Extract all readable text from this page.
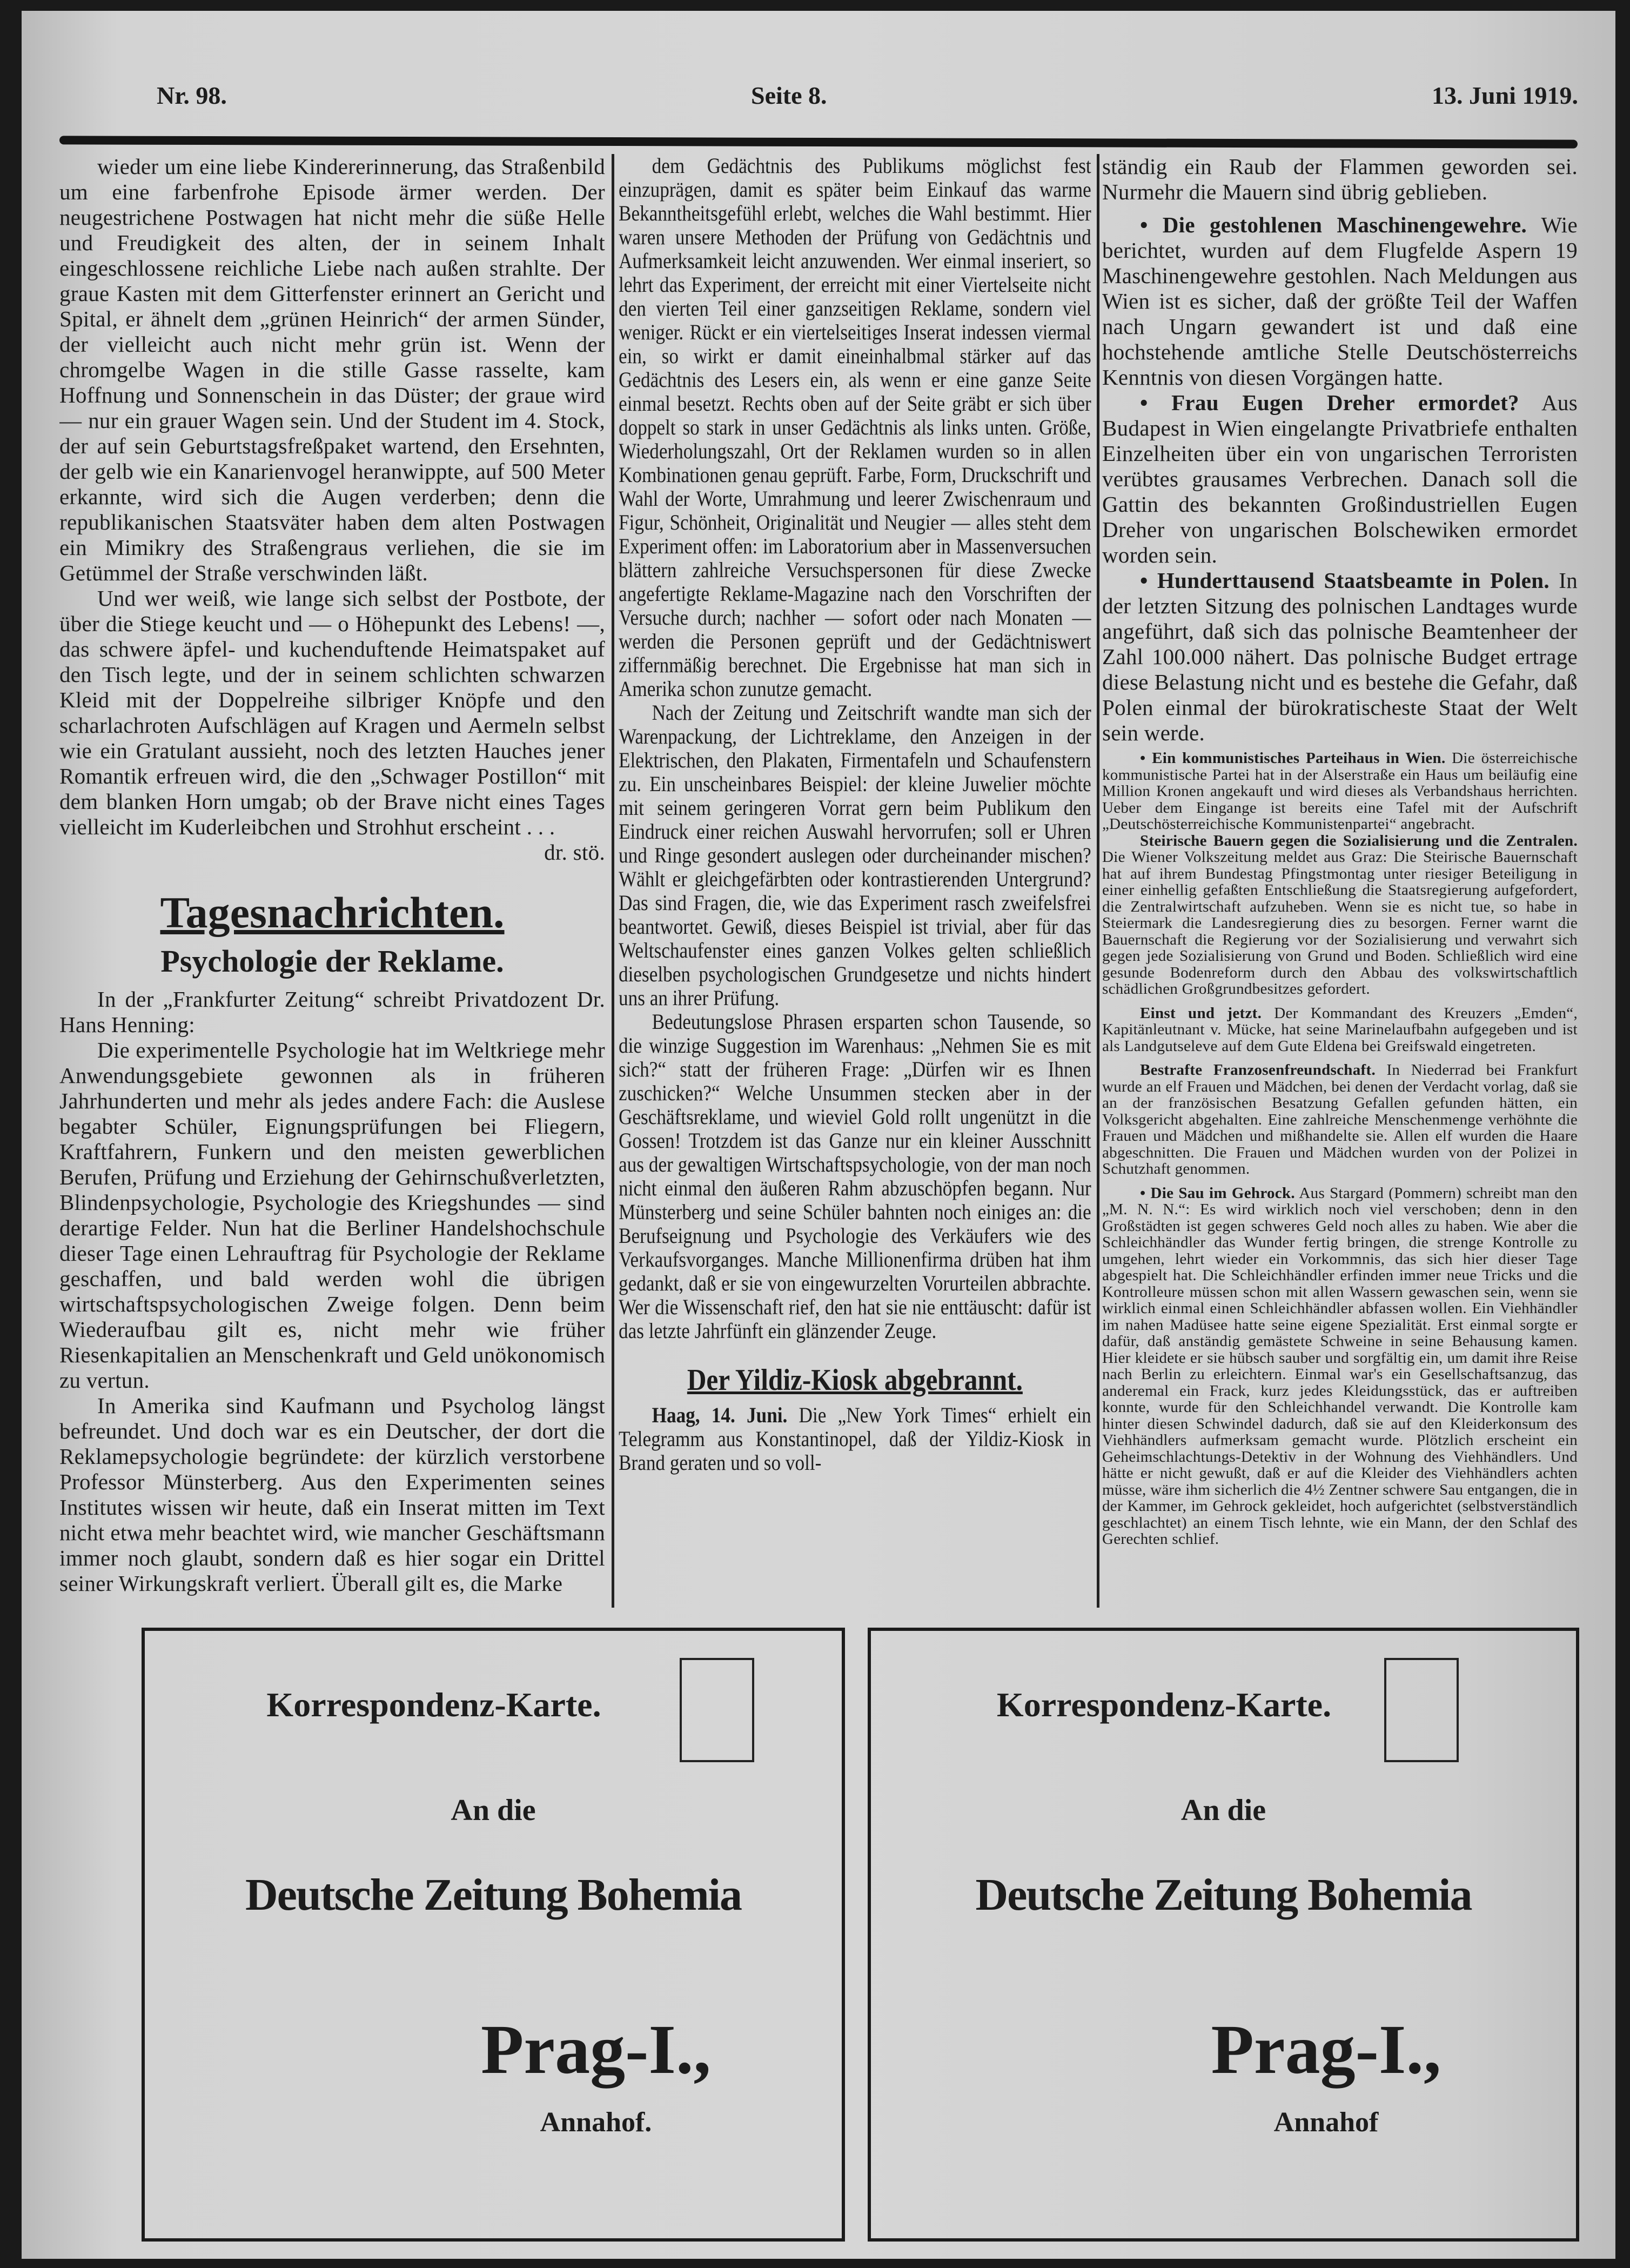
Nr. 98.	Seite 8.	13. Juni 1919.

wieder um eine liebe Kindererinnerung, das Straßenbild um eine farbenfrohe Episode ärmer werden. Der neugestrichene Postwagen hat nicht mehr die süße Helle und Freudigkeit des alten, der in seinem Inhalt eingeschlossene reichliche Liebe nach außen strahlte. Der graue Kasten mit dem Gitterfenster erinnert an Gericht und Spital, er ähnelt dem „grünen Heinrich“ der armen Sünder, der vielleicht auch nicht mehr grün ist. Wenn der chromgelbe Wagen in die stille Gasse rasselte, kam Hoffnung und Sonnenschein in das Düster; der graue wird — nur ein grauer Wagen sein. Und der Student im 4. Stock, der auf sein Geburtstagsfreßpaket wartend, den Ersehnten, der gelb wie ein Kanarienvogel heranwippte, auf 500 Meter erkannte, wird sich die Augen verderben; denn die republikanischen Staatsväter haben dem alten Postwagen ein Mimikry des Straßengraus verliehen, die sie im Getümmel der Straße verschwinden läßt.

Und wer weiß, wie lange sich selbst der Postbote, der über die Stiege keucht und — o Höhepunkt des Lebens! —, das schwere äpfel- und kuchenduftende Heimatspaket auf den Tisch legte, und der in seinem schlichten schwarzen Kleid mit der Doppelreihe silbriger Knöpfe und den scharlachroten Aufschlägen auf Kragen und Aermeln selbst wie ein Gratulant aussieht, noch des letzten Hauches jener Romantik erfreuen wird, die den „Schwager Postillon“ mit dem blanken Horn umgab; ob der Brave nicht eines Tages vielleicht im Kuderleibchen und Strohhut erscheint . . .
dr. stö.

Tagesnachrichten.
Psychologie der Reklame.

In der „Frankfurter Zeitung“ schreibt Privatdozent Dr. Hans Henning:

Die experimentelle Psychologie hat im Weltkriege mehr Anwendungsgebiete gewonnen als in früheren Jahrhunderten und mehr als jedes andere Fach: die Auslese begabter Schüler, Eignungsprüfungen bei Fliegern, Kraftfahrern, Funkern und den meisten gewerblichen Berufen, Prüfung und Erziehung der Gehirnschußverletzten, Blindenpsychologie, Psychologie des Kriegshundes — sind derartige Felder. Nun hat die Berliner Handelshochschule dieser Tage einen Lehrauftrag für Psychologie der Reklame geschaffen, und bald werden wohl die übrigen wirtschaftspsychologischen Zweige folgen. Denn beim Wiederaufbau gilt es, nicht mehr wie früher Riesenkapitalien an Menschenkraft und Geld unökonomisch zu vertun.

In Amerika sind Kaufmann und Psycholog längst befreundet. Und doch war es ein Deutscher, der dort die Reklamepsychologie begründete: der kürzlich verstorbene Professor Münsterberg. Aus den Experimenten seines Institutes wissen wir heute, daß ein Inserat mitten im Text nicht etwa mehr beachtet wird, wie mancher Geschäftsmann immer noch glaubt, sondern daß es hier sogar ein Drittel seiner Wirkungskraft verliert. Überall gilt es, die Marke

dem Gedächtnis des Publikums möglichst fest einzuprägen, damit es später beim Einkauf das warme Bekanntheitsgefühl erlebt, welches die Wahl bestimmt. Hier waren unsere Methoden der Prüfung von Gedächtnis und Aufmerksamkeit leicht anzuwenden. Wer einmal inseriert, so lehrt das Experiment, der erreicht mit einer Viertelseite nicht den vierten Teil einer ganzseitigen Reklame, sondern viel weniger. Rückt er ein viertelseitiges Inserat indessen viermal ein, so wirkt er damit eineinhalbmal stärker auf das Gedächtnis des Lesers ein, als wenn er eine ganze Seite einmal besetzt. Rechts oben auf der Seite gräbt er sich über doppelt so stark in unser Gedächtnis als links unten. Größe, Wiederholungszahl, Ort der Reklamen wurden so in allen Kombinationen genau geprüft. Farbe, Form, Druckschrift und Wahl der Worte, Umrahmung und leerer Zwischenraum und Figur, Schönheit, Originalität und Neugier — alles steht dem Experiment offen: im Laboratorium aber in Massenversuchen blättern zahlreiche Versuchspersonen für diese Zwecke angefertigte Reklame-Magazine nach den Vorschriften der Versuche durch; nachher — sofort oder nach Monaten — werden die Personen geprüft und der Gedächtniswert ziffernmäßig berechnet. Die Ergebnisse hat man sich in Amerika schon zunutze gemacht.

Nach der Zeitung und Zeitschrift wandte man sich der Warenpackung, der Lichtreklame, den Anzeigen in der Elektrischen, den Plakaten, Firmentafeln und Schaufenstern zu. Ein unscheinbares Beispiel: der kleine Juwelier möchte mit seinem geringeren Vorrat gern beim Publikum den Eindruck einer reichen Auswahl hervorrufen; soll er Uhren und Ringe gesondert auslegen oder durcheinander mischen? Wählt er gleichgefärbten oder kontrastierenden Untergrund? Das sind Fragen, die, wie das Experiment rasch zweifelsfrei beantwortet. Gewiß, dieses Beispiel ist trivial, aber für das Weltschaufenster eines ganzen Volkes gelten schließlich dieselben psychologischen Grundgesetze und nichts hindert uns an ihrer Prüfung.

Bedeutungslose Phrasen ersparten schon Tausende, so die winzige Suggestion im Warenhaus: „Nehmen Sie es mit sich?“ statt der früheren Frage: „Dürfen wir es Ihnen zuschicken?“ Welche Unsummen stecken aber in der Geschäftsreklame, und wieviel Gold rollt ungenützt in die Gossen! Trotzdem ist das Ganze nur ein kleiner Ausschnitt aus der gewaltigen Wirtschaftspsychologie, von der man noch nicht einmal den äußeren Rahm abzuschöpfen begann. Nur Münsterberg und seine Schüler bahnten noch einiges an: die Berufseignung und Psychologie des Verkäufers wie des Verkaufsvorganges. Manche Millionenfirma drüben hat ihm gedankt, daß er sie von eingewurzelten Vorurteilen abbrachte. Wer die Wissenschaft rief, den hat sie nie enttäuscht: dafür ist das letzte Jahrfünft ein glänzender Zeuge.

Der Yildiz-Kiosk abgebrannt.

Haag, 14. Juni. Die „New York Times“ erhielt ein Telegramm aus Konstantinopel, daß der Yildiz-Kiosk in Brand geraten und so voll-

ständig ein Raub der Flammen geworden sei. Nurmehr die Mauern sind übrig geblieben.

• Die gestohlenen Maschinengewehre. Wie berichtet, wurden auf dem Flugfelde Aspern 19 Maschinengewehre gestohlen. Nach Meldungen aus Wien ist es sicher, daß der größte Teil der Waffen nach Ungarn gewandert ist und daß eine hochstehende amtliche Stelle Deutschösterreichs Kenntnis von diesen Vorgängen hatte.

• Frau Eugen Dreher ermordet? Aus Budapest in Wien eingelangte Privatbriefe enthalten Einzelheiten über ein von ungarischen Terroristen verübtes grausames Verbrechen. Danach soll die Gattin des bekannten Großindustriellen Eugen Dreher von ungarischen Bolschewiken ermordet worden sein.

• Hunderttausend Staatsbeamte in Polen. In der letzten Sitzung des polnischen Landtages wurde angeführt, daß sich das polnische Beamtenheer der Zahl 100.000 nähert. Das polnische Budget ertrage diese Belastung nicht und es bestehe die Gefahr, daß Polen einmal der bürokratischeste Staat der Welt sein werde.

• Ein kommunistisches Parteihaus in Wien. Die österreichische kommunistische Partei hat in der Alserstraße ein Haus um beiläufig eine Million Kronen angekauft und wird dieses als Verbandshaus herrichten. Ueber dem Eingange ist bereits eine Tafel mit der Aufschrift „Deutschösterreichische Kommunistenpartei“ angebracht.

Steirische Bauern gegen die Sozialisierung und die Zentralen. Die Wiener Volkszeitung meldet aus Graz: Die Steirische Bauernschaft hat auf ihrem Bundestag Pfingstmontag unter riesiger Beteiligung in einer einhellig gefaßten Entschließung die Staatsregierung aufgefordert, die Zentralwirtschaft aufzuheben. Wenn sie es nicht tue, so habe in Steiermark die Landesregierung dies zu besorgen. Ferner warnt die Bauernschaft die Regierung vor der Sozialisierung und verwahrt sich gegen jede Sozialisierung von Grund und Boden. Schließlich wird eine gesunde Bodenreform durch den Abbau des volkswirtschaftlich schädlichen Großgrundbesitzes gefordert.

Einst und jetzt. Der Kommandant des Kreuzers „Emden“, Kapitänleutnant v. Mücke, hat seine Marinelaufbahn aufgegeben und ist als Landgutseleve auf dem Gute Eldena bei Greifswald eingetreten.

Bestrafte Franzosenfreundschaft. In Niederrad bei Frankfurt wurde an elf Frauen und Mädchen, bei denen der Verdacht vorlag, daß sie an der französischen Besatzung Gefallen gefunden hätten, ein Volksgericht abgehalten. Eine zahlreiche Menschenmenge verhöhnte die Frauen und Mädchen und mißhandelte sie. Allen elf wurden die Haare abgeschnitten. Die Frauen und Mädchen wurden von der Polizei in Schutzhaft genommen.

• Die Sau im Gehrock. Aus Stargard (Pommern) schreibt man den „M. N. N.“: Es wird wirklich noch viel verschoben; denn in den Großstädten ist gegen schweres Geld noch alles zu haben. Wie aber die Schleichhändler das Wunder fertig bringen, die strenge Kontrolle zu umgehen, lehrt wieder ein Vorkommnis, das sich hier dieser Tage abgespielt hat. Die Schleichhändler erfinden immer neue Tricks und die Kontrolleure müssen schon mit allen Wassern gewaschen sein, wenn sie wirklich einmal einen Schleichhändler abfassen wollen. Ein Viehhändler im nahen Madüsee hatte seine eigene Spezialität. Erst einmal sorgte er dafür, daß anständig gemästete Schweine in seine Behausung kamen. Hier kleidete er sie hübsch sauber und sorgfältig ein, um damit ihre Reise nach Berlin zu erleichtern. Einmal war's ein Gesellschaftsanzug, das anderemal ein Frack, kurz jedes Kleidungsstück, das er auftreiben konnte, wurde für den Schleichhandel verwandt. Die Kontrolle kam hinter diesen Schwindel dadurch, daß sie auf den Kleiderkonsum des Viehhändlers aufmerksam gemacht wurde. Plötzlich erscheint ein Geheimschlachtungs-Detektiv in der Wohnung des Viehhändlers. Und hätte er nicht gewußt, daß er auf die Kleider des Viehhändlers achten müsse, wäre ihm sicherlich die 4½ Zentner schwere Sau entgangen, die in der Kammer, im Gehrock gekleidet, hoch aufgerichtet (selbstverständlich geschlachtet) an einem Tisch lehnte, wie ein Mann, der den Schlaf des Gerechten schlief.

Korrespondenz-Karte.
An die
Deutsche Zeitung Bohemia
Prag-I.,
Annahof.
Korrespondenz-Karte.
An die
Deutsche Zeitung Bohemia
Prag-I.,
Annahof
